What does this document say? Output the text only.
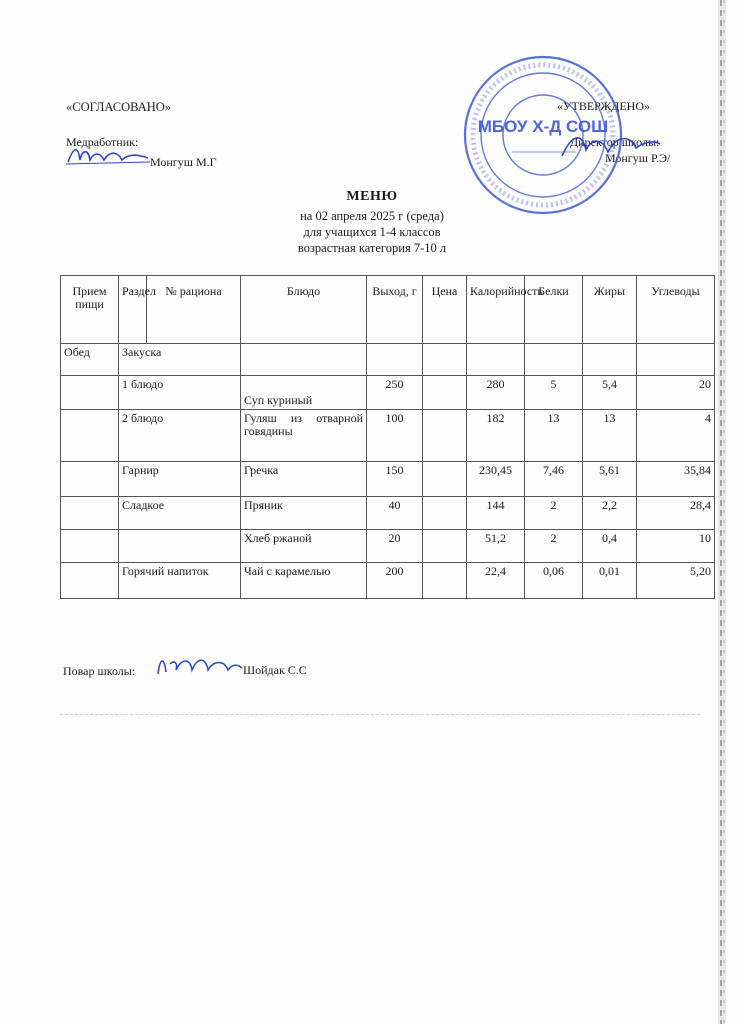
«СОГЛАСОВАНО»
Медработник:
Монгуш М.Г
«УТВЕРЖДЕНО»
Директор школы:
Монгуш Р.Э/
МБОУ Х-Д СОШ
МЕНЮ
на 02 апреля 2025 г (среда)
для учащихся 1-4 классов
возрастная категория 7-10 л
Прием пищи	Раздел	№ рациона	Блюдо	Выход, г	Цена	Калорийность	Белки	Жиры	Углеводы
Обед	Закуска								
	1 блюдо		Суп куриный	250		280	5	5,4	20
	2 блюдо		Гуляш из отварной говядины	100		182	13	13	4
	Гарнир		Гречка	150		230,45	7,46	5,61	35,84
	Сладкое		Пряник	40		144	2	2,2	28,4
			Хлеб ржаной	20		51,2	2	0,4	10
	Горячий напиток		Чай с карамелью	200		22,4	0,06	0,01	5,20
Повар школы:	Шойдак С.С
